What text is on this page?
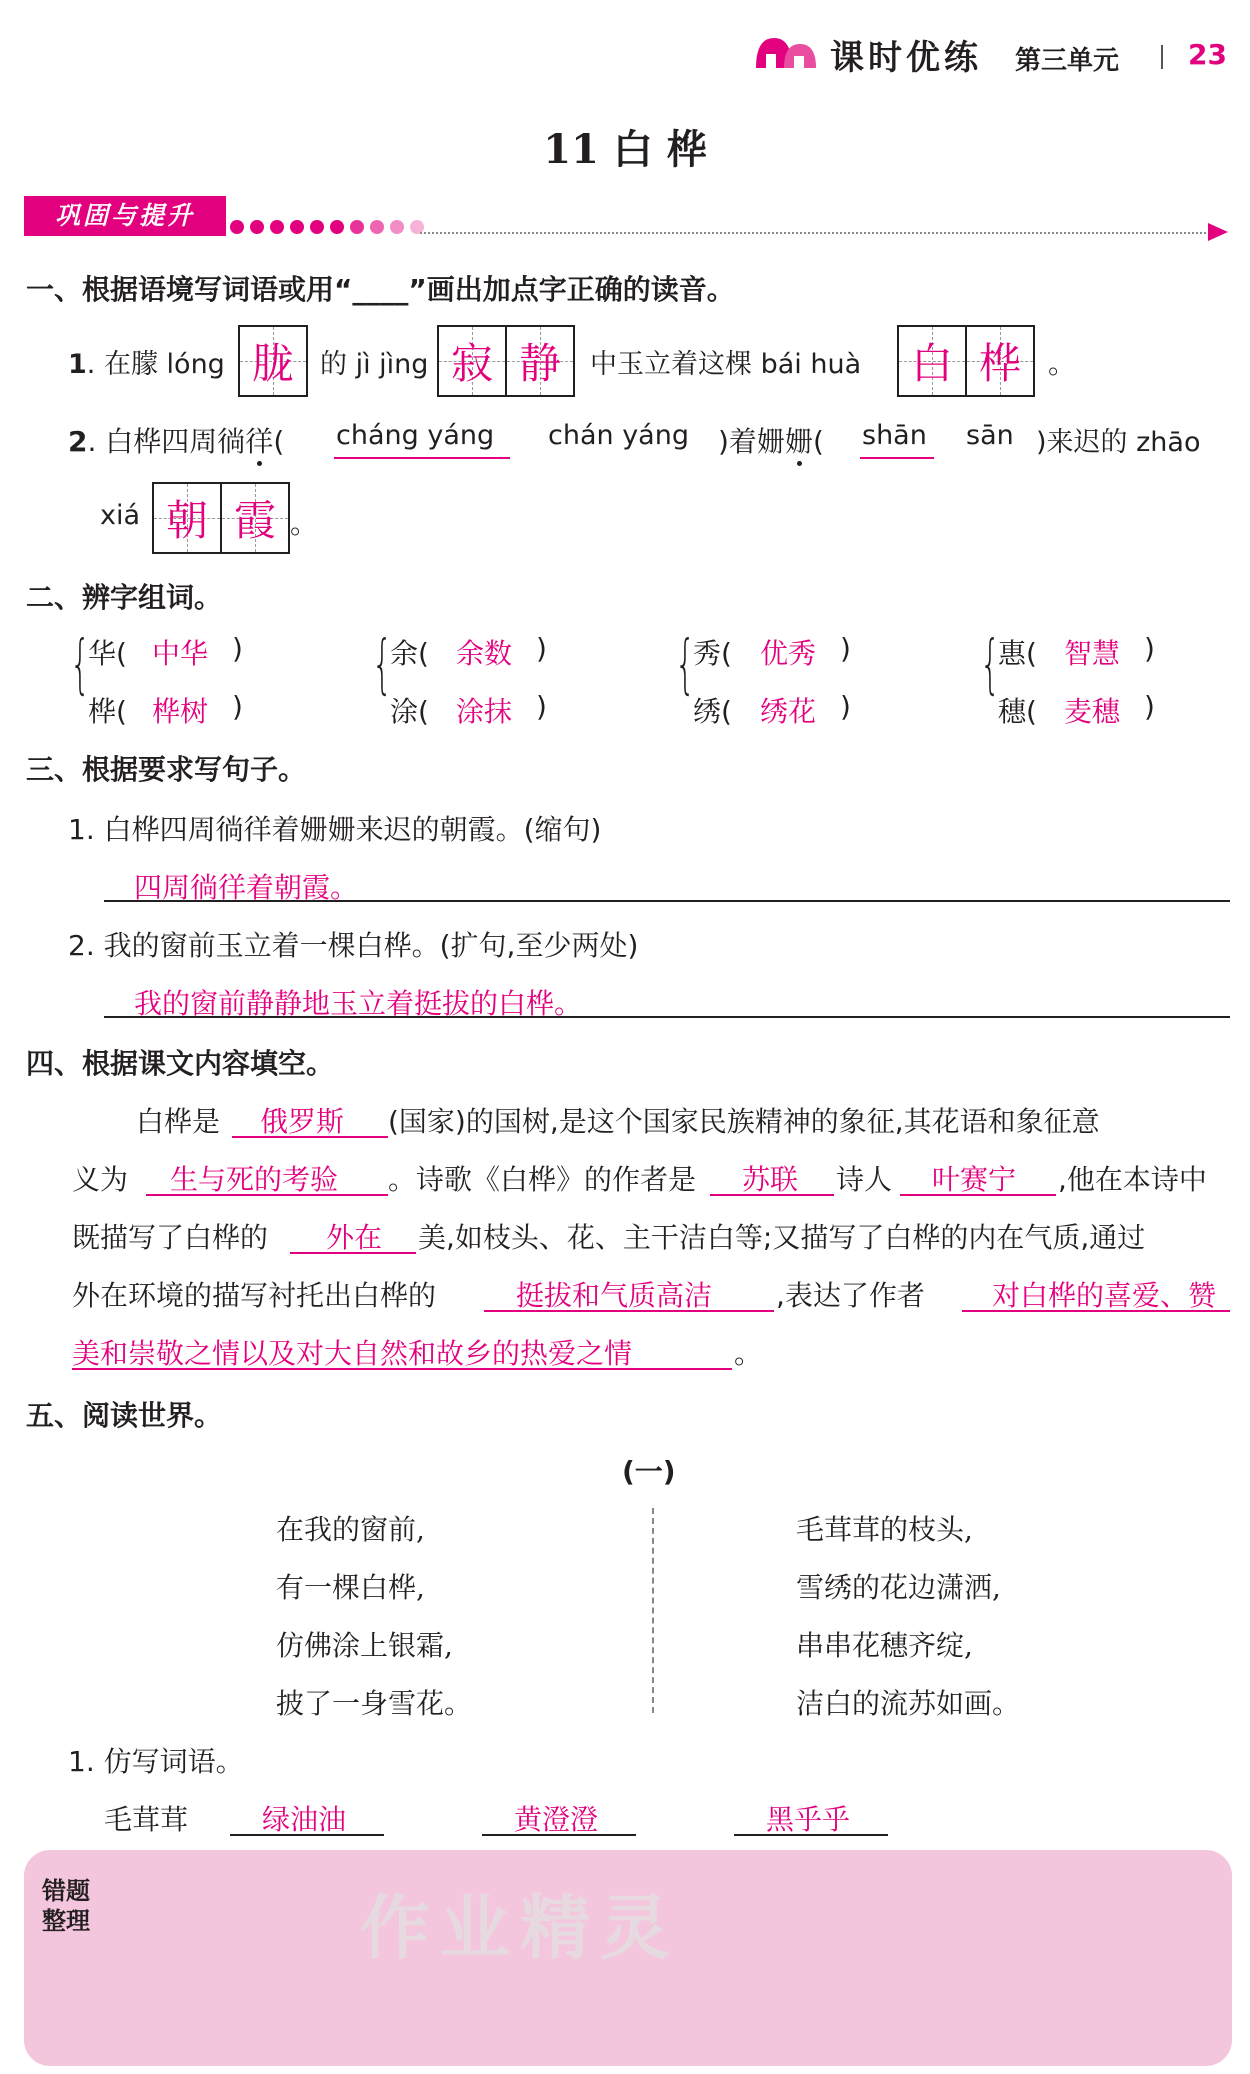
课时优练 第三单元 23
11 白 桦
巩固与提升
一、根据语境写词语或用“____”画出加点字正确的读音。
1. 在朦 lóng 胧 的 jì jìng 寂 静 中玉立着这棵 bái huà 白 桦 。
2. 白桦四周徜徉( cháng yáng chán yáng )着姗姗( shān sān )来迟的 zhāo
xiá 朝 霞 。
二、辨字组词。
{
华( 中华 )
桦( 桦树 )
{
余( 余数 )
涂( 涂抹 )
{
秀( 优秀 )
绣( 绣花 )
{
惠( 智慧 )
穗( 麦穗 )
三、根据要求写句子。
1. 白桦四周徜徉着姗姗来迟的朝霞。(缩句)
四周徜徉着朝霞。
2. 我的窗前玉立着一棵白桦。(扩句,至少两处)
我的窗前静静地玉立着挺拔的白桦。
四、根据课文内容填空。
白桦是 俄罗斯 (国家)的国树,是这个国家民族精神的象征,其花语和象征意
义为 生与死的考验 。诗歌《白桦》的作者是 苏联 诗人 叶赛宁 ,他在本诗中
既描写了白桦的 外在 美,如枝头、花、主干洁白等;又描写了白桦的内在气质,通过
外在环境的描写衬托出白桦的	挺拔和气质高洁 ,表达了作者 对白桦的喜爱、赞
美和崇敬之情以及对大自然和故乡的热爱之情	。
五、阅读世界。
(一)
在我的窗前,
有一棵白桦,
仿佛涂上银霜,
披了一身雪花。
毛茸茸的枝头,
雪绣的花边潇洒,
串串花穗齐绽,
洁白的流苏如画。
1. 仿写词语。
毛茸茸	绿油油	黄澄澄	黑乎乎
错题
整理	作业精灵
